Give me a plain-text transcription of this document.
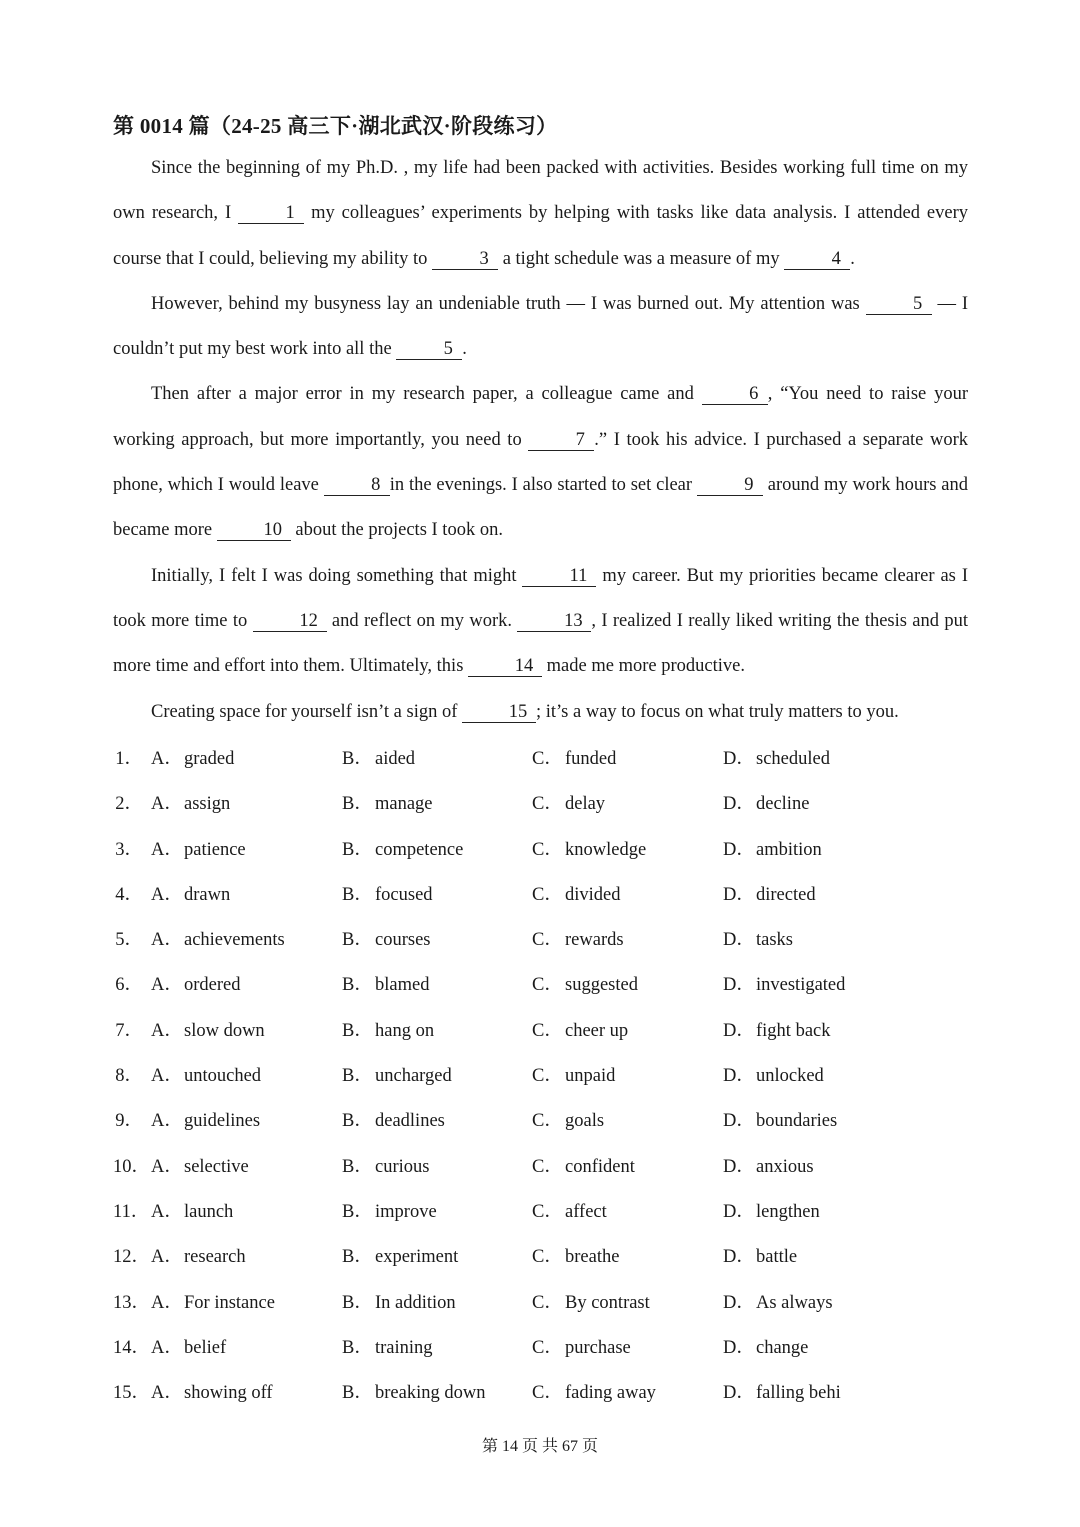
第 0014 篇（24-25 高三下·湖北武汉·阶段练习）

Since the beginning of my Ph.D. , my life had been packed with activities. Besides working full time on my own research, I	1 my colleagues’ experiments by helping with tasks like data analysis. I attended every course that I could, believing my ability to	3 a tight schedule was a measure of my	4 .

However, behind my busyness lay an undeniable truth — I was burned out. My attention was	5 — I couldn’t put my best work into all the	5 .

Then after a major error in my research paper, a colleague came and	6 , “You need to raise your working approach, but more importantly, you need to	7 .” I took his advice. I purchased a separate work phone, which I would leave	8 in the evenings. I also started to set clear	9 around my work hours and became more	10 about the projects I took on.

Initially, I felt I was doing something that might	11 my career. But my priorities became clearer as I took more time to	12 and reflect on my work.	13 , I realized I really liked writing the thesis and put more time and effort into them. Ultimately, this	14 made me more productive.

Creating space for yourself isn’t a sign of	15 ; it’s a way to focus on what truly matters to you.

1． A．graded	B． aided	C． funded	D．scheduled
2． A．assign	B． manage	C． delay	D．decline
3． A．patience	B． competence	C． knowledge	D．ambition
4． A．drawn	B． focused	C． divided	D．directed
5． A．achievements	B． courses	C． rewards	D．tasks
6． A．ordered	B． blamed	C． suggested	D．investigated
7． A．slow down	B． hang on	C． cheer up	D．fight back
8． A．untouched	B． uncharged	C． unpaid	D．unlocked
9． A．guidelines	B． deadlines	C． goals	D．boundaries
10． A．selective	B． curious	C． confident	D．anxious
11． A．launch	B． improve	C． affect	D．lengthen
12． A．research	B． experiment	C． breathe	D．battle
13． A．For instance	B． In addition	C． By contrast	D．As always
14． A．belief	B． training	C． purchase	D．change
15． A．showing off	B． breaking down	C． fading away	D．falling behi
第 14 页 共 67 页
